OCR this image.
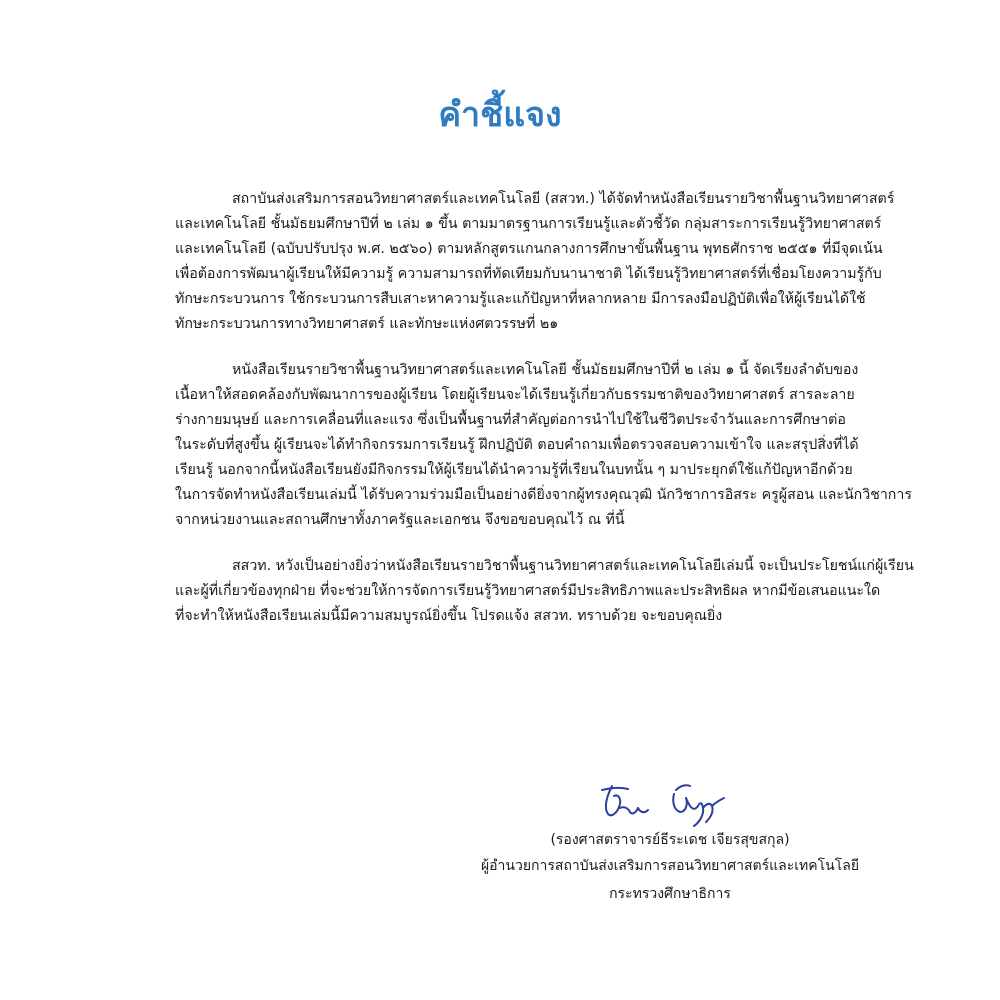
คำชี้แจง

สถาบันส่งเสริมการสอนวิทยาศาสตร์และเทคโนโลยี (สสวท.) ได้จัดทำหนังสือเรียนรายวิชาพื้นฐานวิทยาศาสตร์

และเทคโนโลยี ชั้นมัธยมศึกษาปีที่ ๒ เล่ม ๑ ขึ้น ตามมาตรฐานการเรียนรู้และตัวชี้วัด กลุ่มสาระการเรียนรู้วิทยาศาสตร์

และเทคโนโลยี (ฉบับปรับปรุง พ.ศ. ๒๕๖๐) ตามหลักสูตรแกนกลางการศึกษาขั้นพื้นฐาน พุทธศักราช ๒๕๕๑ ที่มีจุดเน้น

เพื่อต้องการพัฒนาผู้เรียนให้มีความรู้ ความสามารถที่ทัดเทียมกับนานาชาติ ได้เรียนรู้วิทยาศาสตร์ที่เชื่อมโยงความรู้กับ

ทักษะกระบวนการ ใช้กระบวนการสืบเสาะหาความรู้และแก้ปัญหาที่หลากหลาย มีการลงมือปฏิบัติเพื่อให้ผู้เรียนได้ใช้

ทักษะกระบวนการทางวิทยาศาสตร์ และทักษะแห่งศตวรรษที่ ๒๑

หนังสือเรียนรายวิชาพื้นฐานวิทยาศาสตร์และเทคโนโลยี ชั้นมัธยมศึกษาปีที่ ๒ เล่ม ๑ นี้ จัดเรียงลำดับของ

เนื้อหาให้สอดคล้องกับพัฒนาการของผู้เรียน โดยผู้เรียนจะได้เรียนรู้เกี่ยวกับธรรมชาติของวิทยาศาสตร์ สารละลาย

ร่างกายมนุษย์ และการเคลื่อนที่และแรง ซึ่งเป็นพื้นฐานที่สำคัญต่อการนำไปใช้ในชีวิตประจำวันและการศึกษาต่อ

ในระดับที่สูงขึ้น ผู้เรียนจะได้ทำกิจกรรมการเรียนรู้ ฝึกปฏิบัติ ตอบคำถามเพื่อตรวจสอบความเข้าใจ และสรุปสิ่งที่ได้

เรียนรู้ นอกจากนี้หนังสือเรียนยังมีกิจกรรมให้ผู้เรียนได้นำความรู้ที่เรียนในบทนั้น ๆ มาประยุกต์ใช้แก้ปัญหาอีกด้วย

ในการจัดทำหนังสือเรียนเล่มนี้ ได้รับความร่วมมือเป็นอย่างดียิ่งจากผู้ทรงคุณวุฒิ นักวิชาการอิสระ ครูผู้สอน และนักวิชาการ

จากหน่วยงานและสถานศึกษาทั้งภาครัฐและเอกชน จึงขอขอบคุณไว้ ณ ที่นี้

สสวท. หวังเป็นอย่างยิ่งว่าหนังสือเรียนรายวิชาพื้นฐานวิทยาศาสตร์และเทคโนโลยีเล่มนี้ จะเป็นประโยชน์แก่ผู้เรียน

และผู้ที่เกี่ยวข้องทุกฝ่าย ที่จะช่วยให้การจัดการเรียนรู้วิทยาศาสตร์มีประสิทธิภาพและประสิทธิผล หากมีข้อเสนอแนะใด

ที่จะทำให้หนังสือเรียนเล่มนี้มีความสมบูรณ์ยิ่งขึ้น โปรดแจ้ง สสวท. ทราบด้วย จะขอบคุณยิ่ง

(รองศาสตราจารย์ธีระเดช เจียรสุขสกุล)

ผู้อำนวยการสถาบันส่งเสริมการสอนวิทยาศาสตร์และเทคโนโลยี

กระทรวงศึกษาธิการ
